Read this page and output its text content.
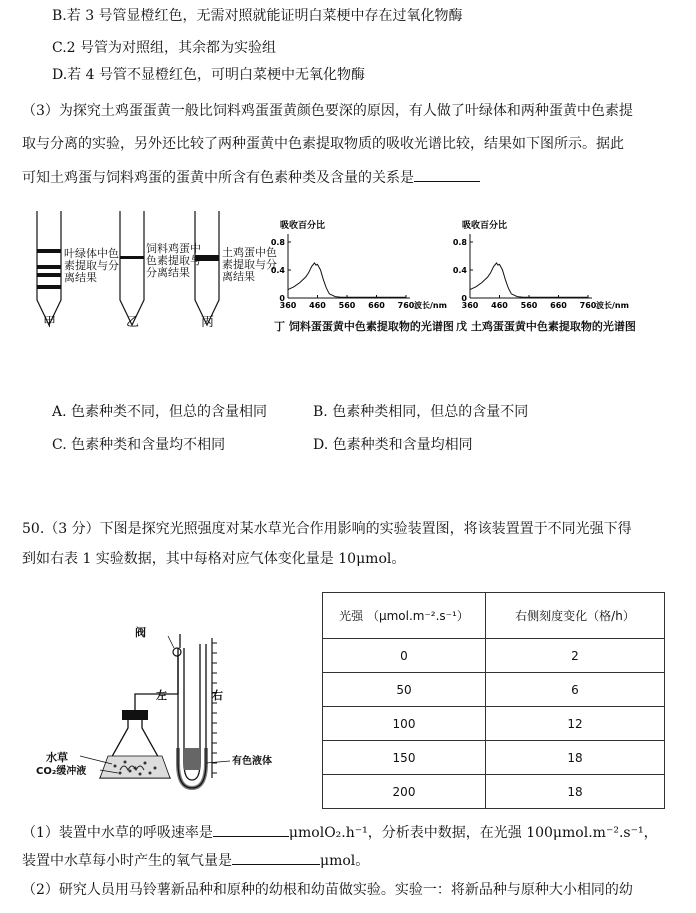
B.若 3 号管显橙红色，无需对照就能证明白菜梗中存在过氧化物酶
C.2 号管为对照组，其余都为实验组
D.若 4 号管不显橙红色，可明白菜梗中无氧化物酶
（3）为探究土鸡蛋蛋黄一般比饲料鸡蛋蛋黄颜色要深的原因，有人做了叶绿体和两种蛋黄中色素提
取与分离的实验，另外还比较了两种蛋黄中色素提取物质的吸收光谱比较，结果如下图所示。据此
可知土鸡蛋与饲料鸡蛋的蛋黄中所含有色素种类及含量的关系是
叶绿体中色
素提取与分
离结果
饲料鸡蛋中
色素提取与
分离结果
土鸡蛋中色
素提取与分
离结果
甲	乙	丙
吸收百分比
0
0.4
0.8
360 460 560 660 760 波长/nm
吸收百分比
0
0.4
0.8
360 460 560 660 760 波长/nm
丁 饲料蛋蛋黄中色素提取物的光谱图 戊 土鸡蛋蛋黄中色素提取物的光谱图
A. 色素种类不同，但总的含量相同	B. 色素种类相同，但总的含量不同
C. 色素种类和含量均不相同	D. 色素种类和含量均相同
50.（3 分）下图是探究光照强度对某水草光合作用影响的实验装置图，将该装置置于不同光强下得
到如右表 1 实验数据，其中每格对应气体变化量是 10μmol。
阀
左	右
水草
CO₂缓冲液
有色液体
光强 （μmol.m⁻².s⁻¹）	右侧刻度变化（格/h）
0	2
50	6
100	12
150	18
200	18
（1）装置中水草的呼吸速率是	μmolO₂.h⁻¹，分析表中数据，在光强 100μmol.m⁻².s⁻¹，
装置中水草每小时产生的氧气量是	μmol。
（2）研究人员用马铃薯新品种和原种的幼根和幼苗做实验。实验一：将新品种与原种大小相同的幼
